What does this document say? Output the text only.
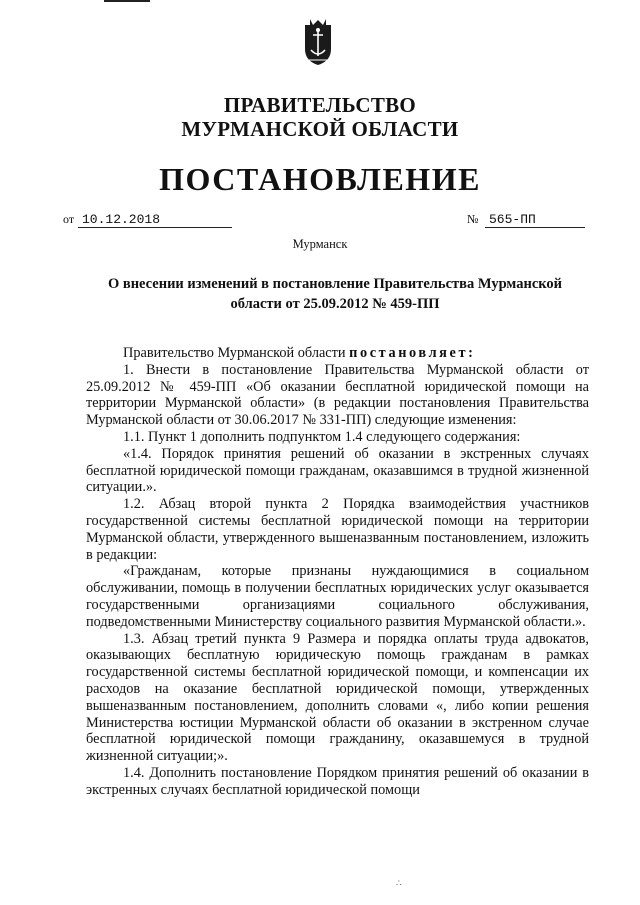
ПРАВИТЕЛЬСТВО
МУРМАНСКОЙ ОБЛАСТИ
ПОСТАНОВЛЕНИЕ
от 10.12.2018	№ 565-ПП
Мурманск
О внесении изменений в постановление Правительства Мурманской
области от 25.09.2012 № 459-ПП

Правительство Мурманской области постановляет:

1. Внести в постановление Правительства Мурманской области от 25.09.2012 № 459-ПП «Об оказании бесплатной юридической помощи на территории Мурманской области» (в редакции постановления Правительства Мурманской области от 30.06.2017 № 331-ПП) следующие изменения:

1.1. Пункт 1 дополнить подпунктом 1.4 следующего содержания:

«1.4. Порядок принятия решений об оказании в экстренных случаях бесплатной юридической помощи гражданам, оказавшимся в трудной жизненной ситуации.».

1.2. Абзац второй пункта 2 Порядка взаимодействия участников государственной системы бесплатной юридической помощи на территории Мурманской области, утвержденного вышеназванным постановлением, изложить в редакции:

«Гражданам, которые признаны нуждающимися в социальном обслуживании, помощь в получении бесплатных юридических услуг оказывается государственными организациями социального обслуживания, подведомственными Министерству социального развития Мурманской области.».

1.3. Абзац третий пункта 9 Размера и порядка оплаты труда адвокатов, оказывающих бесплатную юридическую помощь гражданам в рамках государственной системы бесплатной юридической помощи, и компенсации их расходов на оказание бесплатной юридической помощи, утвержденных вышеназванным постановлением, дополнить словами «, либо копии решения Министерства юстиции Мурманской области об оказании в экстренном случае бесплатной юридической помощи гражданину, оказавшемуся в трудной жизненной ситуации;».

1.4. Дополнить постановление Порядком принятия решений об оказании в экстренных случаях бесплатной юридической помощи

∴
